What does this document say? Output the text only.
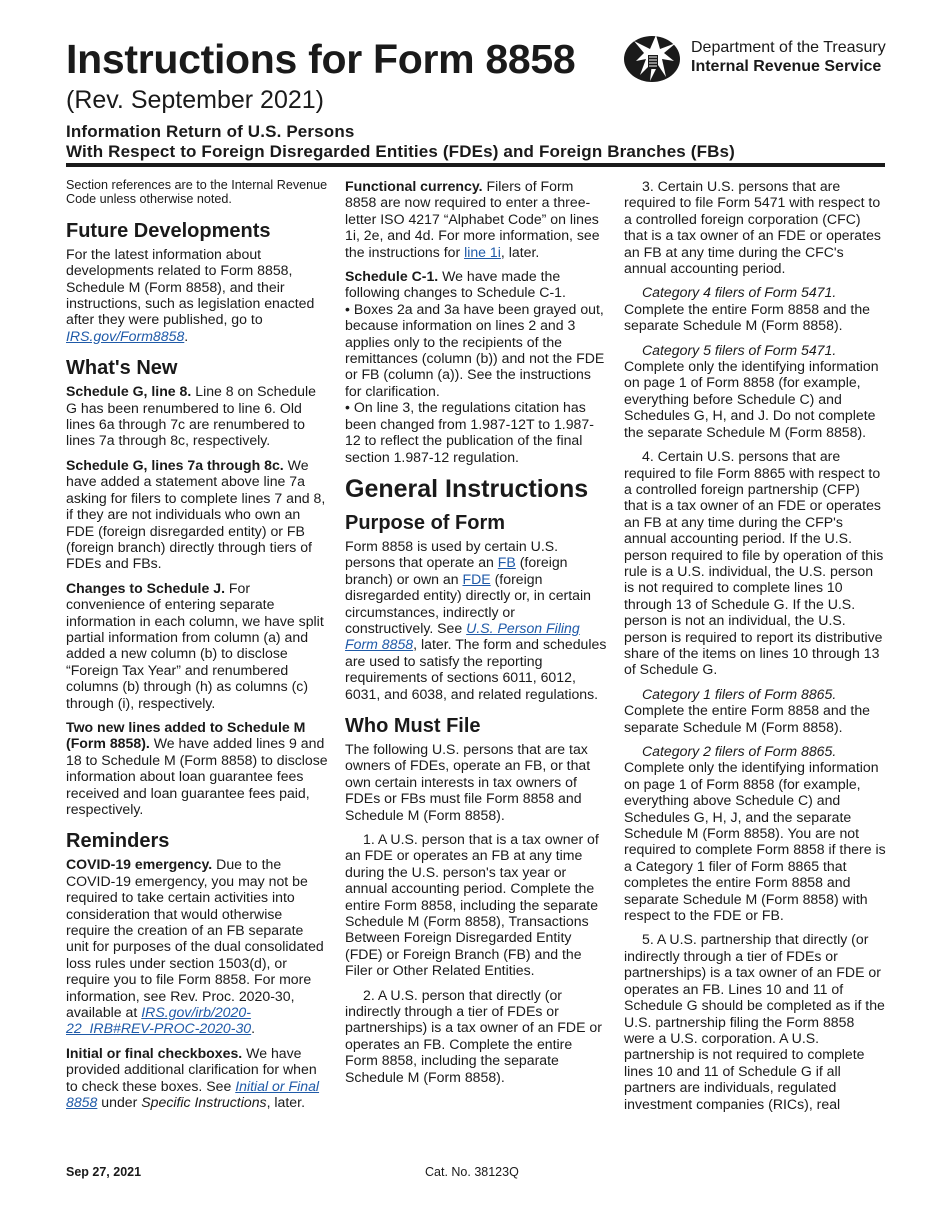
Instructions for Form 8858
(Rev. September 2021)
Department of the Treasury
Internal Revenue Service
Information Return of U.S. Persons
With Respect to Foreign Disregarded Entities (FDEs) and Foreign Branches (FBs)

Section references are to the Internal Revenue Code unless otherwise noted.

Future Developments

For the latest information about developments related to Form 8858, Schedule M (Form 8858), and their instructions, such as legislation enacted after they were published, go to IRS.gov/Form8858.

What's New

Schedule G, line 8. Line 8 on Schedule G has been renumbered to line 6. Old lines 6a through 7c are renumbered to lines 7a through 8c, respectively.

Schedule G, lines 7a through 8c. We have added a statement above line 7a asking for filers to complete lines 7 and 8, if they are not individuals who own an FDE (foreign disregarded entity) or FB (foreign branch) directly through tiers of FDEs and FBs.

Changes to Schedule J. For convenience of entering separate information in each column, we have split partial information from column (a) and added a new column (b) to disclose “Foreign Tax Year” and renumbered columns (b) through (h) as columns (c) through (i), respectively.

Two new lines added to Schedule M (Form 8858). We have added lines 9 and 18 to Schedule M (Form 8858) to disclose information about loan guarantee fees received and loan guarantee fees paid, respectively.

Reminders

COVID-19 emergency. Due to the COVID-19 emergency, you may not be required to take certain activities into consideration that would otherwise require the creation of an FB separate unit for purposes of the dual consolidated loss rules under section 1503(d), or require you to file Form 8858. For more information, see Rev. Proc. 2020-30, available at IRS.gov/irb/2020-22_IRB#REV-PROC-2020-30.

Initial or final checkboxes. We have provided additional clarification for when to check these boxes. See Initial or Final 8858 under Specific Instructions, later.

Functional currency. Filers of Form 8858 are now required to enter a three-letter ISO 4217 “Alphabet Code” on lines 1i, 2e, and 4d. For more information, see the instructions for line 1i, later.

Schedule C-1. We have made the following changes to Schedule C-1.

• Boxes 2a and 3a have been grayed out, because information on lines 2 and 3 applies only to the recipients of the remittances (column (b)) and not the FDE or FB (column (a)). See the instructions for clarification.

• On line 3, the regulations citation has been changed from 1.987-12T to 1.987-12 to reflect the publication of the final section 1.987-12 regulation.

General Instructions
Purpose of Form

Form 8858 is used by certain U.S. persons that operate an FB (foreign branch) or own an FDE (foreign disregarded entity) directly or, in certain circumstances, indirectly or constructively. See U.S. Person Filing Form 8858, later. The form and schedules are used to satisfy the reporting requirements of sections 6011, 6012, 6031, and 6038, and related regulations.

Who Must File

The following U.S. persons that are tax owners of FDEs, operate an FB, or that own certain interests in tax owners of FDEs or FBs must file Form 8858 and Schedule M (Form 8858).

1. A U.S. person that is a tax owner of an FDE or operates an FB at any time during the U.S. person's tax year or annual accounting period. Complete the entire Form 8858, including the separate Schedule M (Form 8858), Transactions Between Foreign Disregarded Entity (FDE) or Foreign Branch (FB) and the Filer or Other Related Entities.

2. A U.S. person that directly (or indirectly through a tier of FDEs or partnerships) is a tax owner of an FDE or operates an FB. Complete the entire Form 8858, including the separate Schedule M (Form 8858).

3. Certain U.S. persons that are required to file Form 5471 with respect to a controlled foreign corporation (CFC) that is a tax owner of an FDE or operates an FB at any time during the CFC's annual accounting period.

Category 4 filers of Form 5471. Complete the entire Form 8858 and the separate Schedule M (Form 8858).

Category 5 filers of Form 5471. Complete only the identifying information on page 1 of Form 8858 (for example, everything before Schedule C) and Schedules G, H, and J. Do not complete the separate Schedule M (Form 8858).

4. Certain U.S. persons that are required to file Form 8865 with respect to a controlled foreign partnership (CFP) that is a tax owner of an FDE or operates an FB at any time during the CFP's annual accounting period. If the U.S. person required to file by operation of this rule is a U.S. individual, the U.S. person is not required to complete lines 10 through 13 of Schedule G. If the U.S. person is not an individual, the U.S. person is required to report its distributive share of the items on lines 10 through 13 of Schedule G.

Category 1 filers of Form 8865. Complete the entire Form 8858 and the separate Schedule M (Form 8858).

Category 2 filers of Form 8865. Complete only the identifying information on page 1 of Form 8858 (for example, everything above Schedule C) and Schedules G, H, J, and the separate Schedule M (Form 8858). You are not required to complete Form 8858 if there is a Category 1 filer of Form 8865 that completes the entire Form 8858 and separate Schedule M (Form 8858) with respect to the FDE or FB.

5. A U.S. partnership that directly (or indirectly through a tier of FDEs or partnerships) is a tax owner of an FDE or operates an FB. Lines 10 and 11 of Schedule G should be completed as if the U.S. partnership filing the Form 8858 were a U.S. corporation. A U.S. partnership is not required to complete lines 10 and 11 of Schedule G if all partners are individuals, regulated investment companies (RICs), real

Sep 27, 2021	Cat. No. 38123Q
